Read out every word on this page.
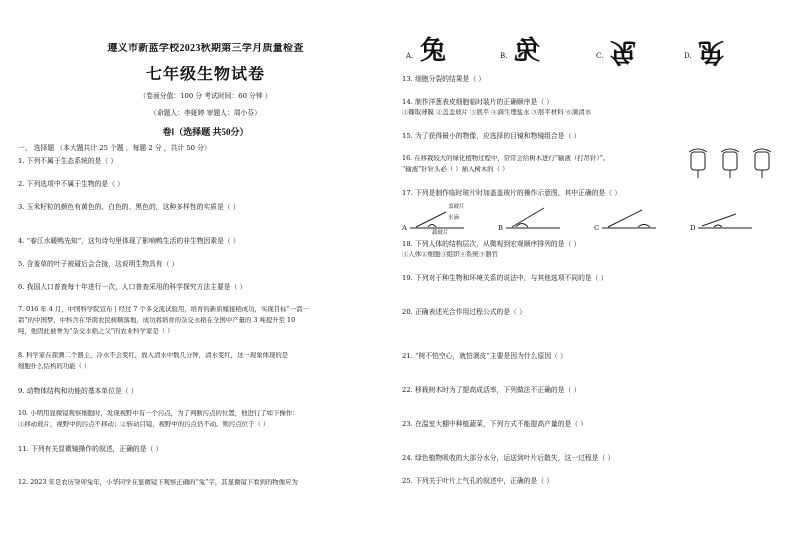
遵义市新蓝学校2023秋期第三学月质量检查
七年级生物试卷
（卷面分值：100 分 考试时间：60 分钟 ）
（命题人：李娅婷 审题人：周小芬）
卷Ⅰ（选择题 共50分）
一、 选择题 （本大题共计 25 个题 ，每题 2 分 ，共计 50 分）
1. 下列不属于生态系统的是（ ）
2. 下列选项中不属于生物的是（ ）
3. 玉米籽粒的颜色有黄色的、白色的、黑色的，这种多样性的实质是（ ）
4. “春江水暖鸭先知”，这句诗句里体现了影响鸭生活的非生物因素是（ ）
5. 含羞草的叶子被碰后会合拢，这说明生物具有（ ）
6. 我国人口普查每十年进行一次，人口普查采用的科学探究方法主要是（ ）
7. 016 年 4 月，中国科学院宣布 | 经过 7 个多交流试验用，培育的新质嫁接稻成功，实现目标“一箭一
箭”的中国梦，中科含在华南农民树顺落地，成功将培育的杂交水稻在全国中产量的 3 吨提升至 10
吨，他因此被誉为“杂交水稻之父”的农业科学家是（ ）
8. 科学家在探测二个器主，冷水不会变红，放入清水中数几分钟，清水变红，这一现象体现的是
细胞什么结构的功能（ ）
9. 动物体结构和功能的基本单位是（ ）
10. 小明用显微镜观察细胞时，发现视野中有一个污点，为了判断污点的位置，他进行了如下操作：
①移动玻片，视野中的污点不移动；②转动目镜，视野中的污点仍不动。则污点位于（ ）
11. 下列有关显微镜操作的叙述，正确的是（ ）
12. 2023 年是农历癸卯兔年，小华同学在显微镜下观察正确的“兔”字，其显微镜下看到的物像应为
A. 兔	B. 兔	C. 兔	D. 兔
13. 细胞分裂的结果是（ ）
14. 制作洋葱表皮细胞临时装片的正确顺序是（ ）
①撕取薄膜 ②盖盖玻片 ③展平 ④滴生理盐水 ⑤展平材料 ⑥滴清水
15. 为了获得最小的物像，应选择的目镜和物镜组合是（ ）
16. 在移栽较大的绿化植物过程中，常常会给树木进行“输液（打吊针）”。
“输液”针针头必（ ）插入树木的（ ）
17. 下列是制作临时玻片时加盖盖玻片的操作示意图，其中正确的是（ ）
A	B	C	D
盖玻片
水滴
载玻片
18. 下列人体的结构层次，从微观到宏观顺序排列的是（ ）
①人体②细胞③组织④系统⑤器官
19. 下列对于种生物和环境关系的说法中，与其他选项不同的是（ ）
20. 正确表述光合作用过程公式的是（ ）
21. “树不怕空心，就怕剥皮”主要是因为什么原因（ ）
22. 移栽树木时为了提高成活率，下列做法不正确的是（ ）
23. 在温室大棚中种植蔬菜，下列方式不能提高产量的是（ ）
24. 绿色植物吸收的大部分水分，运送到叶片后散失，这一过程是（ ）
25. 下列关于叶片上气孔的叙述中，正确的是（ ）
